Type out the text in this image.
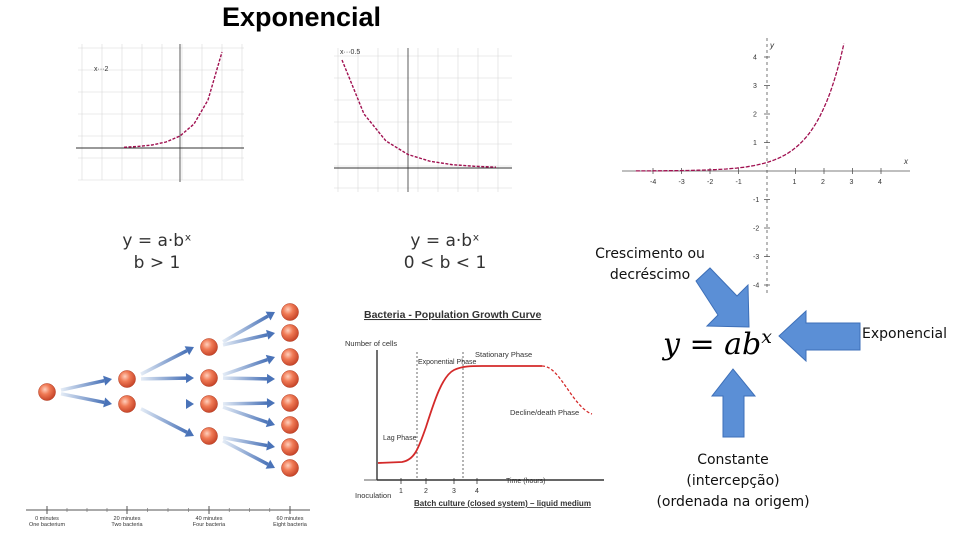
Exponencial
x···2
x···0.5
x
y
-4	-3	-2	-1	1	2	3	4
4
3
2
1
-1
-2
-3
-4
y = a·bˣ
b > 1
y = a·bˣ
0 < b < 1	Crescimento ou
decréscimo
Exponencial
Constante
(intercepção)
(ordenada na origem)
$y = ab^x$
0 minutes
One bacterium
20 minutes
Two bacteria
40 minutes
Four bacteria
60 minutes
Eight bacteria
Bacteria - Population Growth Curve
Number of cells
Exponential Phase
Stationary Phase
Decline/death Phase
Lag Phase
Time (hours)
Inoculation
Batch culture (closed system) – liquid medium
1	2	3	4
